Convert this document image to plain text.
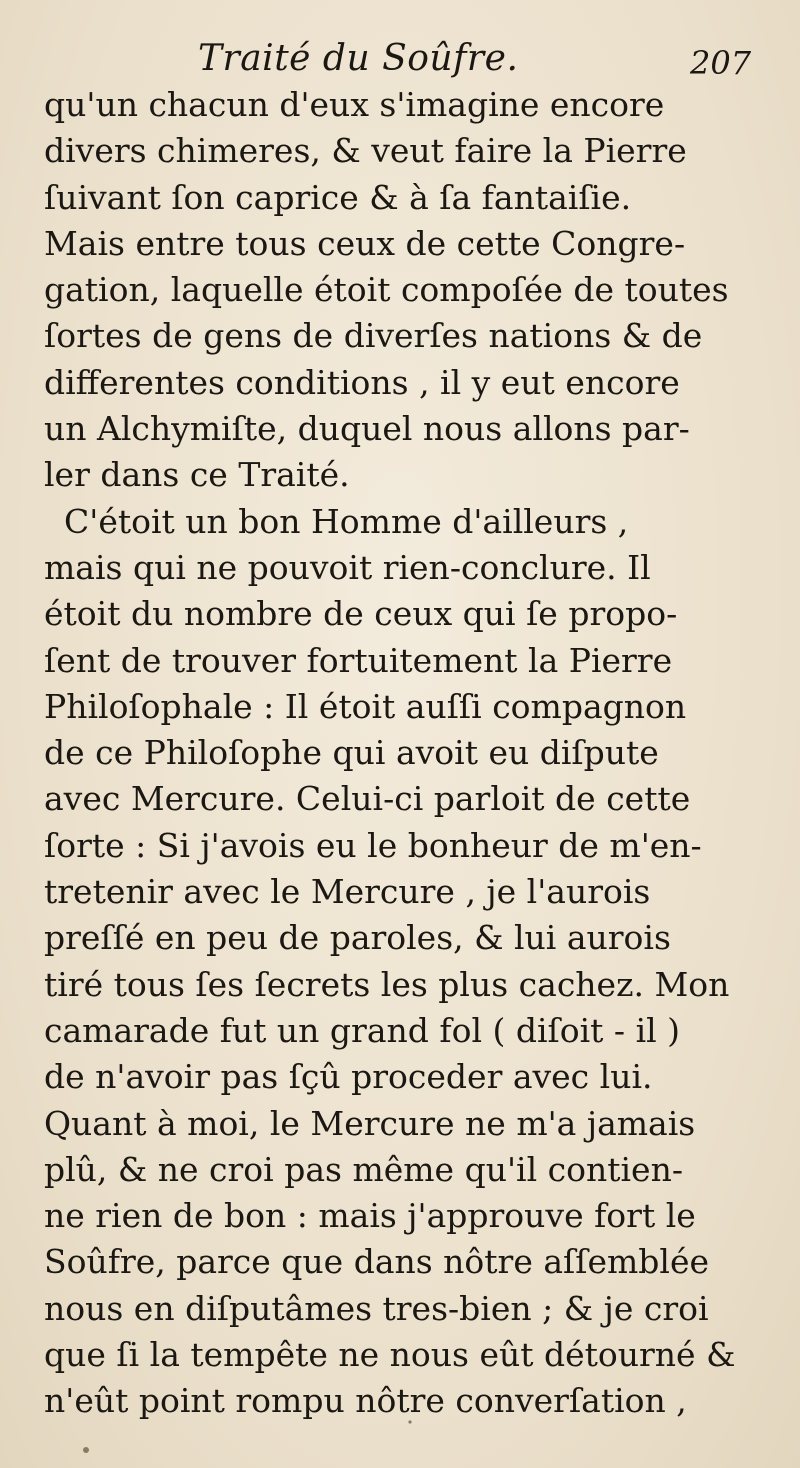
Traité du Soûfre.	207
qu'un chacun d'eux s'imagine encore
divers chimeres, & veut faire la Pierre
ſuivant ſon caprice & à ſa fantaiſie.
Mais entre tous ceux de cette Congre-
gation, laquelle étoit compoſée de toutes
ſortes de gens de diverſes nations & de
differentes conditions , il y eut encore
un Alchymiſte, duquel nous allons par-
ler dans ce Traité.
C'étoit un bon Homme d'ailleurs ,
mais qui ne pouvoit rien-conclure. Il
étoit du nombre de ceux qui ſe propo-
ſent de trouver fortuitement la Pierre
Philoſophale : Il étoit auſſi compagnon
de ce Philoſophe qui avoit eu diſpute
avec Mercure. Celui-ci parloit de cette
ſorte : Si j'avois eu le bonheur de m'en-
tretenir avec le Mercure , je l'aurois
preſſé en peu de paroles, & lui aurois
tiré tous ſes ſecrets les plus cachez. Mon
camarade fut un grand fol ( diſoit - il )
de n'avoir pas ſçû proceder avec lui.
Quant à moi, le Mercure ne m'a jamais
plû, & ne croi pas même qu'il contien-
ne rien de bon : mais j'approuve fort le
Soûfre, parce que dans nôtre aſſemblée
nous en diſputâmes tres-bien ; & je croi
que ſi la tempête ne nous eût détourné &
n'eût point rompu nôtre converſation ,
